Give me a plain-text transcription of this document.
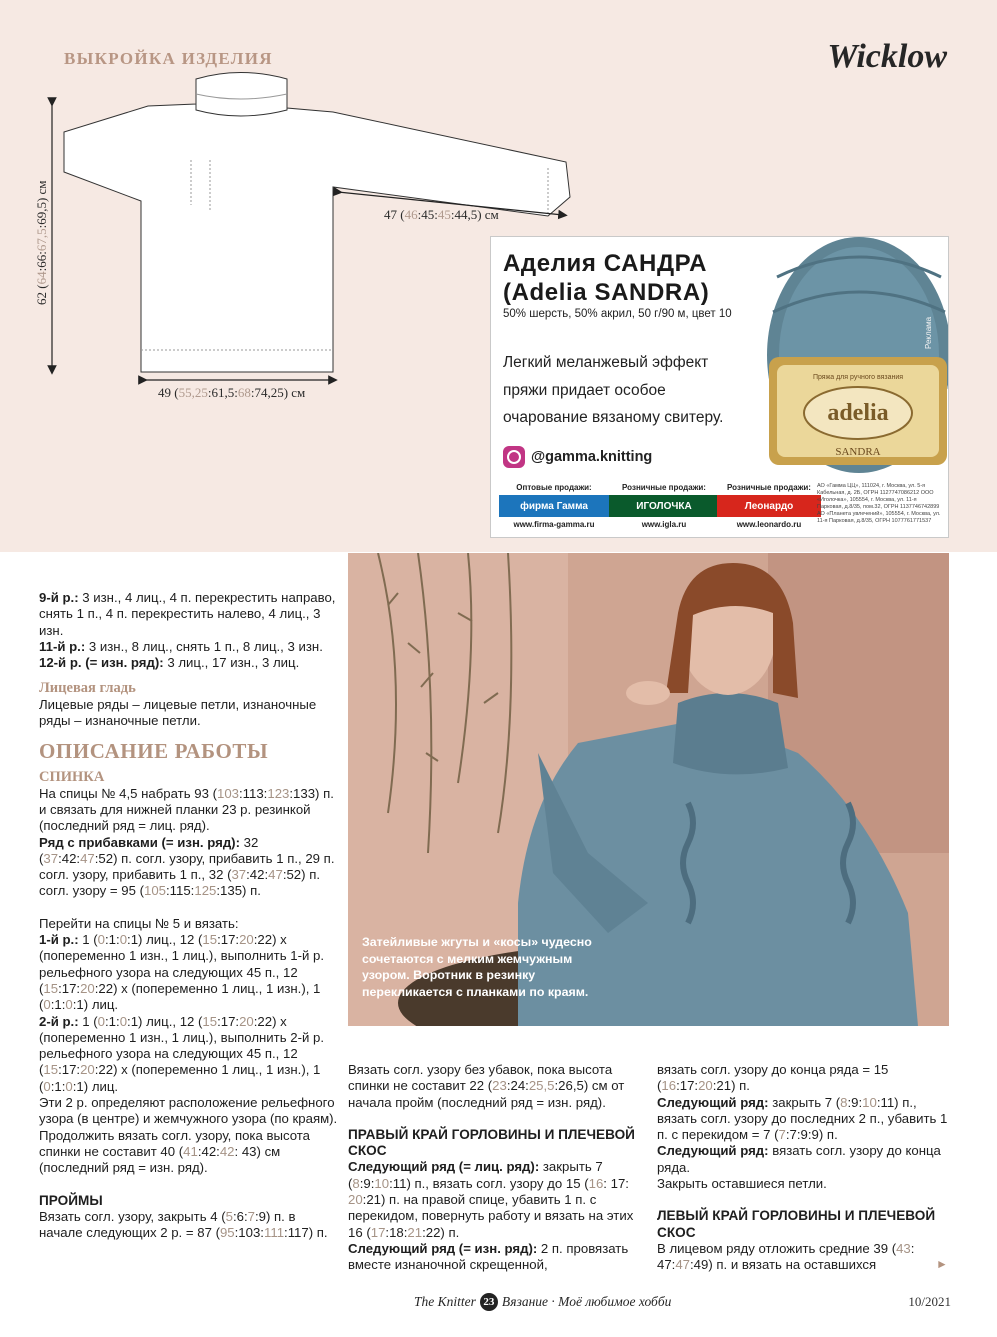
ВЫКРОЙКА ИЗДЕЛИЯ	Wicklow
47 (46:45:45:44,5) см
62 (64:66:67,5:69,5) см
49 (55,25:61,5:68:74,25) см
Аделия САНДРА
(Adelia SANDRA)
50% шерсть, 50% акрил, 50 г/90 м, цвет 10
Легкий меланжевый эффект
пряжи придает особое
очарование вязаному свитеру.
@gamma.knitting
adelia
SANDRA
Пряжа для ручного вязания
Реклама
Оптовые продажи:
фирма Гамма
www.firma-gamma.ru
Розничные продажи:
ИГОЛОЧКА
www.igla.ru
Розничные продажи:
Леонардо
www.leonardo.ru
АО «Гамма ЦЦ», 111024, г. Москва, ул. 5-я Кабельная, д. 2Б, ОГРН 1127747086212 ООО «Иголочка», 105554, г. Москва, ул. 11-я Парковая, д.8/35, пом.32, ОГРН 1137746742899 АО «Планета увлечений», 105554, г. Москва, ул. 11-я Парковая, д.8/35, ОГРН 1077761771537

9-й р.: 3 изн., 4 лиц., 4 п. перекрестить направо, снять 1 п., 4 п. перекрестить налево, 4 лиц., 3 изн.

11-й р.: 3 изн., 8 лиц., снять 1 п., 8 лиц., 3 изн.

12-й р. (= изн. ряд): 3 лиц., 17 изн., 3 лиц.

Лицевая гладь

Лицевые ряды – лицевые петли, изнаночные ряды – изнаночные петли.

ОПИСАНИЕ РАБОТЫ

СПИНКА

На спицы № 4,5 набрать 93 (103:113:123:133) п. и связать для нижней планки 23 р. резинкой (последний ряд = лиц. ряд).

Ряд с прибавками (= изн. ряд): 32 (37:42:47:52) п. согл. узору, прибавить 1 п., 29 п. согл. узору, прибавить 1 п., 32 (37:42:47:52) п. согл. узору = 95 (105:115:125:135) п.

Перейти на спицы № 5 и вязать:

1-й р.: 1 (0:1:0:1) лиц., 12 (15:17:20:22) х (попеременно 1 изн., 1 лиц.), выполнить 1-й р. рельефного узора на следующих 45 п., 12 (15:17:20:22) х (попеременно 1 лиц., 1 изн.), 1 (0:1:0:1) лиц.

2-й р.: 1 (0:1:0:1) лиц., 12 (15:17:20:22) х (попеременно 1 изн., 1 лиц.), выполнить 2-й р. рельефного узора на следующих 45 п., 12 (15:17:20:22) х (попеременно 1 лиц., 1 изн.), 1 (0:1:0:1) лиц.

Эти 2 р. определяют расположение рельефного узора (в центре) и жемчужного узора (по краям).

Продолжить вязать согл. узору, пока высота спинки не составит 40 (41:42:42: 43) см (последний ряд = изн. ряд).

ПРОЙМЫ

Вязать согл. узору, закрыть 4 (5:6:7:9) п. в начале следующих 2 р. = 87 (95:103:111:117) п.

Затейливые жгуты и «косы» чудесно сочетаются с мелким жемчужным узором. Воротник в резинку перекликается с планками по краям.

Вязать согл. узору без убавок, пока высота спинки не составит 22 (23:24:25,5:26,5) см от начала пройм (последний ряд = изн. ряд).

ПРАВЫЙ КРАЙ ГОРЛОВИНЫ И ПЛЕЧЕВОЙ СКОС

Следующий ряд (= лиц. ряд): закрыть 7 (8:9:10:11) п., вязать согл. узору до 15 (16: 17: 20:21) п. на правой спице, убавить 1 п. с перекидом, повернуть работу и вязать на этих 16 (17:18:21:22) п.

Следующий ряд (= изн. ряд): 2 п. провязать вместе изнаночной скрещенной,

вязать согл. узору до конца ряда = 15 (16:17:20:21) п.

Следующий ряд: закрыть 7 (8:9:10:11) п., вязать согл. узору до последних 2 п., убавить 1 п. с перекидом = 7 (7:7:9:9) п.

Следующий ряд: вязать согл. узору до конца ряда.

Закрыть оставшиеся петли.

ЛЕВЫЙ КРАЙ ГОРЛОВИНЫ И ПЛЕЧЕВОЙ СКОС

В лицевом ряду отложить средние 39 (43: 47:47:49) п. и вязать на оставшихся	►
The Knitter 23 Вязание · Моё любимое хобби	10/2021
